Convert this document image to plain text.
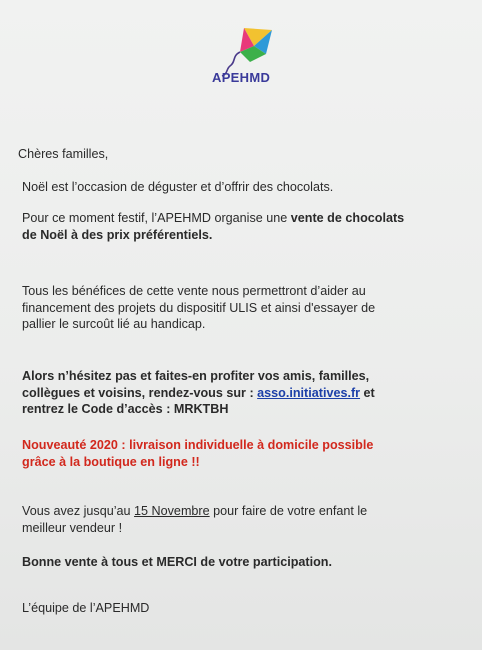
APEHMD
Chères familles,
Noël est l’occasion de déguster et d’offrir des chocolats.
Pour ce moment festif, l’APEHMD organise une vente de chocolats
de Noël à des prix préférentiels.
Tous les bénéfices de cette vente nous permettront d’aider au
financement des projets du dispositif ULIS et ainsi d'essayer de
pallier le surcoût lié au handicap.
Alors n’hésitez pas et faites-en profiter vos amis, familles,
collègues et voisins, rendez-vous sur : asso.initiatives.fr et
rentrez le Code d’accès : MRKTBH
Nouveauté 2020 : livraison individuelle à domicile possible
grâce à la boutique en ligne !!
Vous avez jusqu’au 15 Novembre pour faire de votre enfant le
meilleur vendeur !
Bonne vente à tous et MERCI de votre participation.
L’équipe de l’APEHMD
